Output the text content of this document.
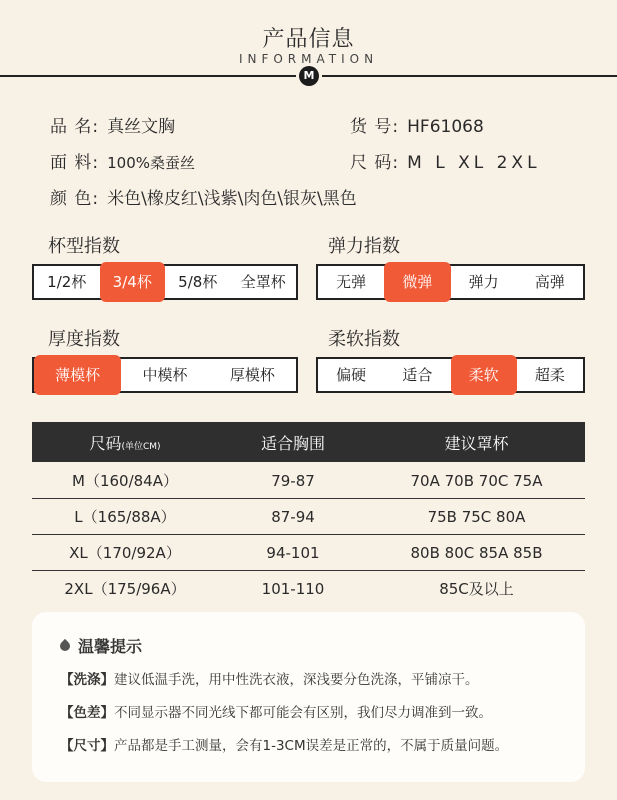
产品信息
INFORMATION
M
品 名: 真丝文胸	货 号: HF61068
面 料: 100%桑蚕丝	尺 码: M L XL 2XL
颜 色: 米色\橡皮红\浅紫\肉色\银灰\黑色
杯型指数
1/2杯	3/4杯	5/8杯	全罩杯
弹力指数
无弹	微弹	弹力	高弹
厚度指数
薄模杯	中模杯	厚模杯
柔软指数
偏硬	适合	柔软	超柔
尺码(单位CM)	适合胸围	建议罩杯
M（160/84A）	79-87	70A 70B 70C 75A
L（165/88A）	87-94	75B 75C 80A
XL（170/92A）	94-101	80B 80C 85A 85B
2XL（175/96A）	101-110	85C及以上
温馨提示
【洗涤】建议低温手洗，用中性洗衣液，深浅要分色洗涤，平铺凉干。
【色差】不同显示器不同光线下都可能会有区别，我们尽力调准到一致。
【尺寸】产品都是手工测量，会有1-3CM误差是正常的，不属于质量问题。
